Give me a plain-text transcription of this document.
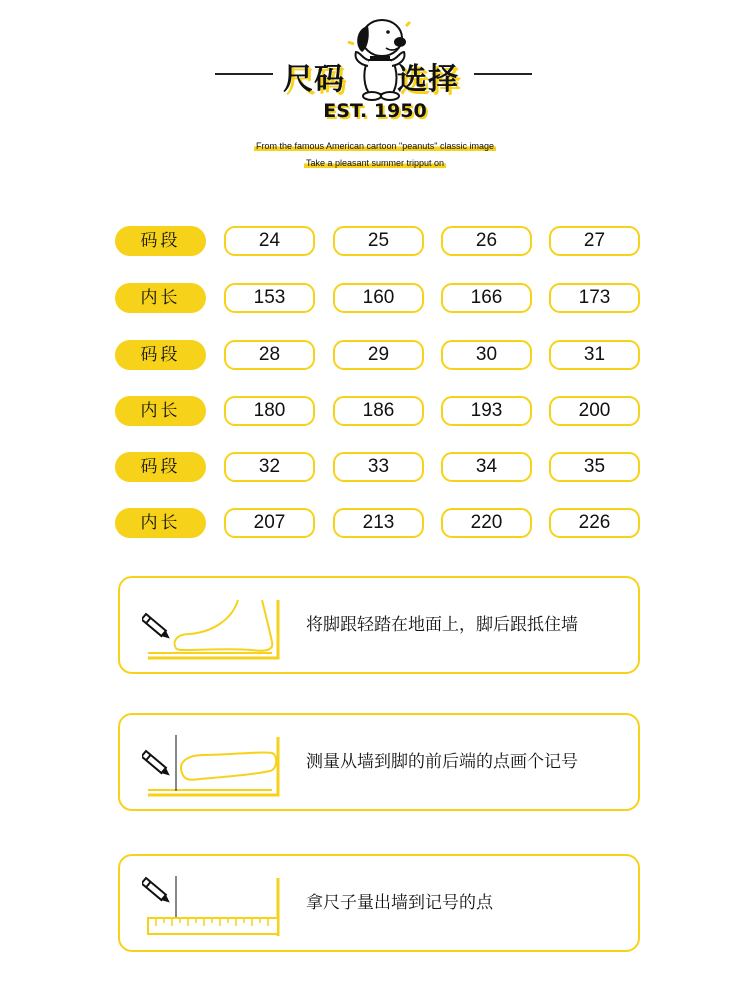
尺码 选择
EST. 1950
From the famous American cartoon "peanuts" classic image
Take a pleasant summer tripput on
码段	24	25	26	27
内长	153	160	166	173
码段	28	29	30	31
内长	180	186	193	200
码段	32	33	34	35
内长	207	213	220	226
将脚跟轻踏在地面上，脚后跟抵住墙
测量从墙到脚的前后端的点画个记号
拿尺子量出墙到记号的点
